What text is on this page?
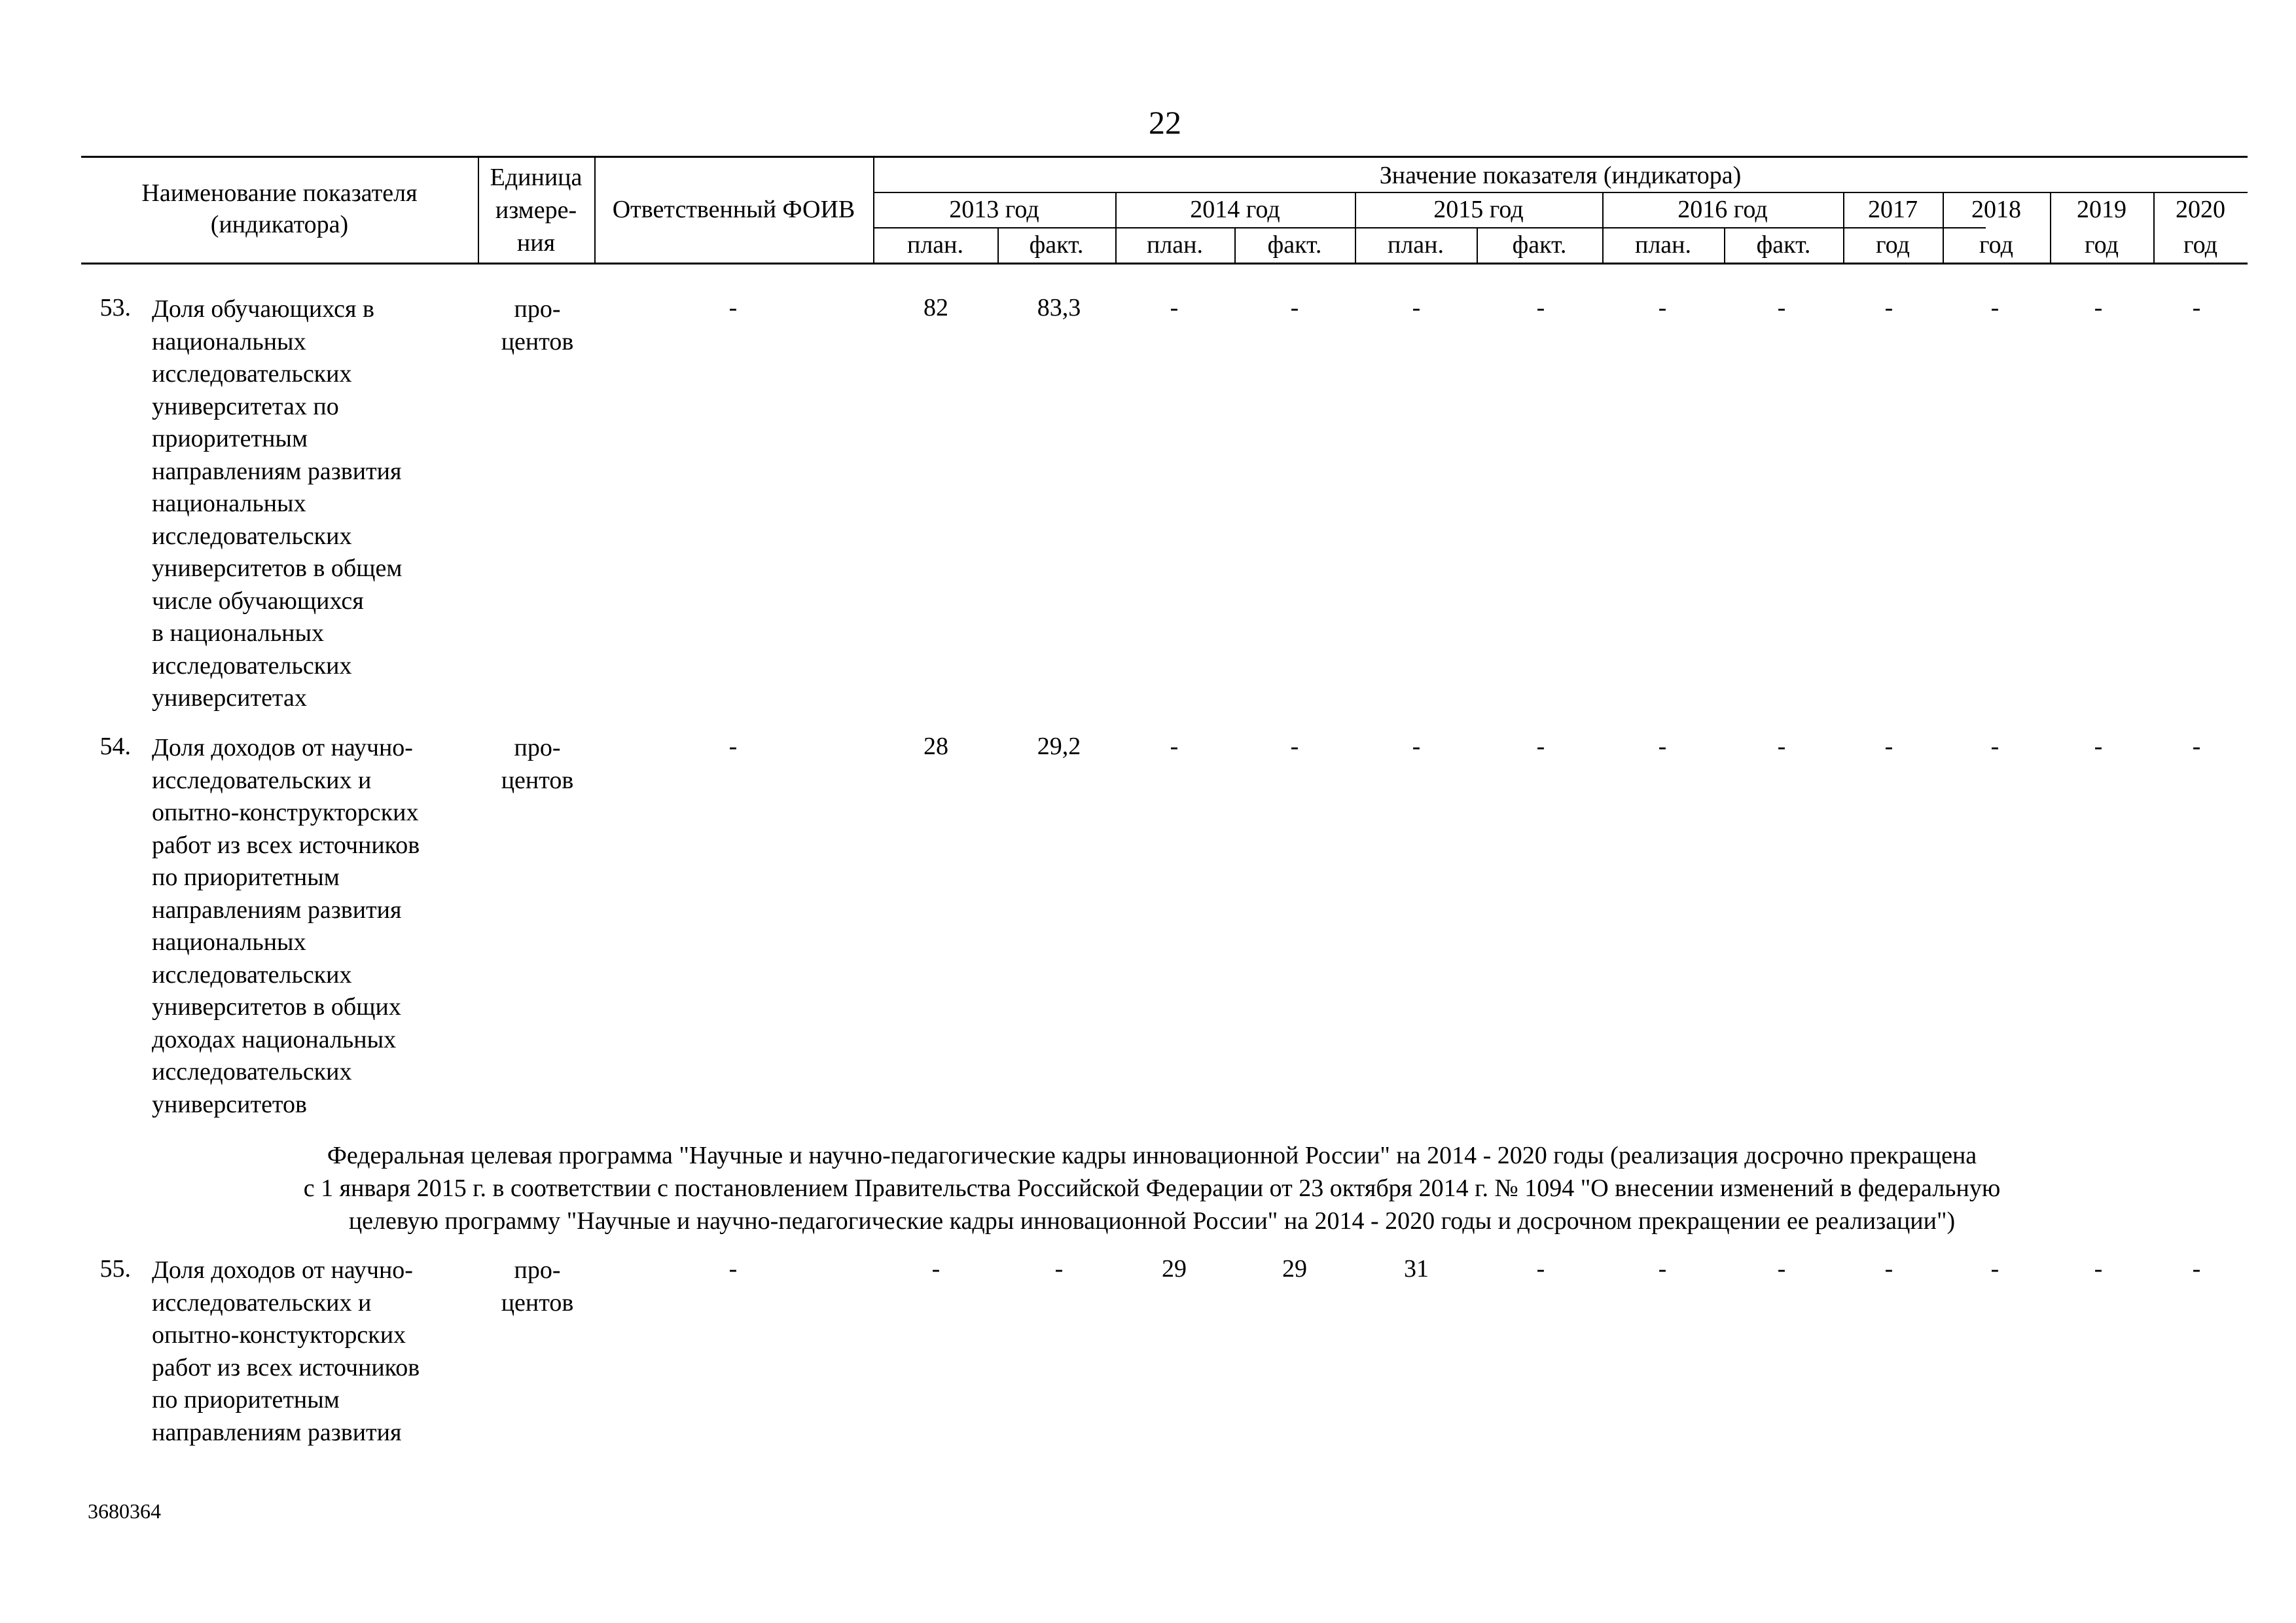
22
Наименование показателя (индикатора)
Единица
измере-
ния
Ответственный ФОИВ
Значение показателя (индикатора)
2013 год	2014 год	2015 год	2016 год	2017	2018	2019	2020
план.	факт.	план.	факт.	план.	факт.	план.	факт.	год	год	год	год
53. Доля обучающихся в
национальных
исследовательских
университетах по
приоритетным
направлениям развития
национальных
исследовательских
университетов в общем
числе обучающихся
в национальных
исследовательских
университетах
про-
центов
-	82	83,3	-	-	-	-	-	-	-	-	-	-
54. Доля доходов от научно-
исследовательских и
опытно-конструкторских
работ из всех источников
по приоритетным
направлениям развития
национальных
исследовательских
университетов в общих
доходах национальных
исследовательских
университетов
про-
центов
-	28	29,2	-	-	-	-	-	-	-	-	-	-
Федеральная целевая программа "Научные и научно-педагогические кадры инновационной России" на 2014 - 2020 годы (реализация досрочно прекращена
с 1 января 2015 г. в соответствии с постановлением Правительства Российской Федерации от 23 октября 2014 г. № 1094 "О внесении изменений в федеральную
целевую программу "Научные и научно-педагогические кадры инновационной России" на 2014 - 2020 годы и досрочном прекращении ее реализации")
55. Доля доходов от научно-
исследовательских и
опытно-констукторских
работ из всех источников
по приоритетным
направлениям развития
про-
центов
-	-	-	29	29	31	-	-	-	-	-	-	-
3680364
